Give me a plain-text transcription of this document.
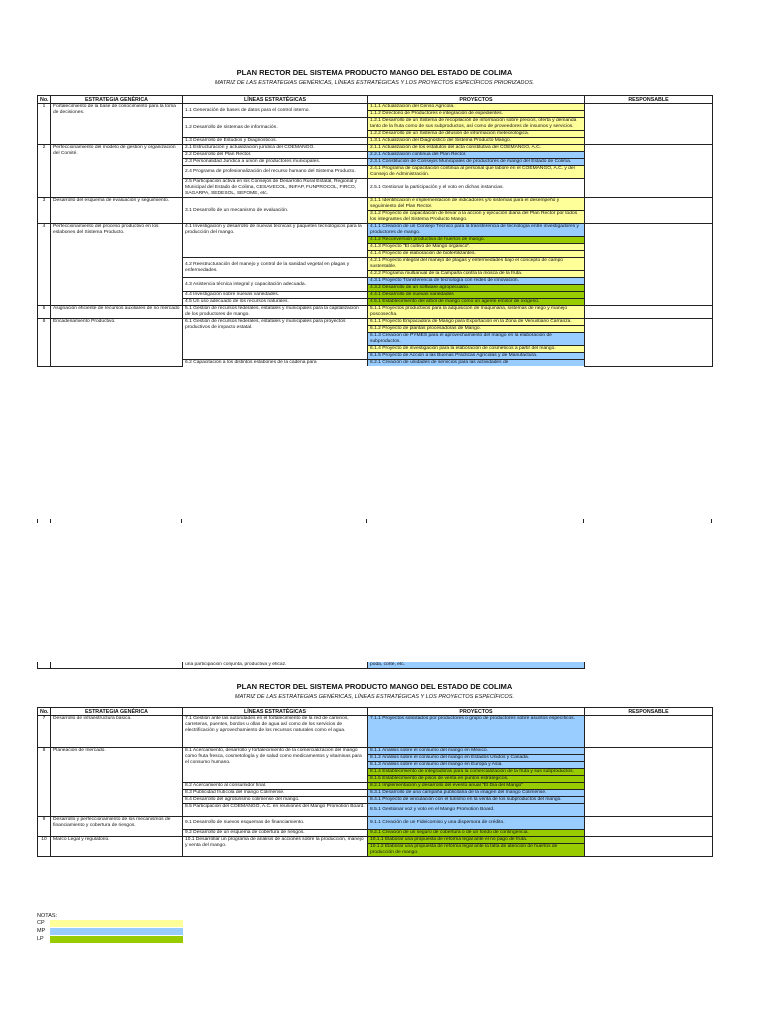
PLAN RECTOR DEL SISTEMA PRODUCTO MANGO DEL ESTADO DE COLIMA
MATRIZ DE LAS ESTRATEGIAS GENÉRICAS, LÍNEAS ESTRATÉGICAS Y LOS PROYECTOS ESPECÍFICOS PRIORIZADOS.
No.	ESTRATEGIA GENÉRICA	LÍNEAS ESTRATÉGICAS	PROYECTOS	RESPONSABLE
1	Fortalecimiento de la base de conocimiento para la toma de decisiones.	1.1 Generación de bases de datos para el control interno.	1.1.1 Actualización del Censo Agrícola.
1.1.2 Directorio de Productores e integración de expedientes.	

		1.2 Desarrollo de sistemas de información.	1.2.1 Desarrollo de un Sistema de recopilación de información sobre precios, oferta y demanda tanto de la fruta como de sus subproductos, así como de proveedores de insumos y servicios.
1.2.2 Desarrollo de un Sistema de difusión de información meteorológica.	

		1.3 Desarrollo de Estudios y Diagnósticos.	1.3.1 Actualización del Diagnóstico del Sistema Producto Mango.	

2	Perfeccionamiento del modelo de gestión y organización del Comité.	2.1 Estructuración y actualización jurídica del COEMANGO.	2.1.1 Actualización de los estatutos del acta constitutiva del COEMANGO, A.C.	

		2.2 Desarrollo del Plan Rector.	2.2.1 Actualización continua del Plan Rector.	

		2.3 Personalidad Jurídica a unión de productores municipales.	2.3.1 Constitución de Consejos Municipales de productores de mango del Estado de Colima.	

		2.4 Programa de profesionalización del recurso humano del Sistema Producto.	2.4.1 Programa de capacitación continua al personal que labore en el COEMANGO, A.C. y del Consejo de Administración.	

		2.5 Participación activa en los Consejos de Desarrollo Rural Estatal, Regional y Municipal del Estado de Colima, CESAVECOL, INIFAP, FUNPROCOL, FIRCO, SAGARPA, SEDESOL, SEFOME, etc.	2.5.1 Gestionar la participación y el voto en dichas instancias.	

3	Desarrollo del esquema de evaluación y seguimiento.	3.1 Desarrollo de un mecanismo de evaluación.	3.1.1 Identificación e implementación de indicadores y/o sistemas para el desempeño y seguimiento del Plan Rector.
3.1.2 Proyecto de capacitación de llevar a la acción y ejecución diaria del Plan Rector por todos los integrantes del Sistema Producto Mango.	

4	Perfeccionamiento del proceso productivo en los eslabones del Sistema Producto.	4.1 Investigación y desarrollo de nuevas técnicas y paquetes tecnológicos para la producción del mango.	4.1.1 Creación de un Consejo Técnico para la transferencia de tecnología entre investigadores y productores de mango.
4.1.2 Reconversión productiva de huertos de mango.
4.1.3 Proyecto "El cultivo de Mango orgánico".
4.1.4 Proyecto de elaboración de biofertilizantes.	

		4.2 Reestructuración del manejo y control de la sanidad vegetal en plagas y enfermedades.	4.2.1 Proyecto integral del manejo de plagas y enfermedades bajo el concepto de campo sustentable.
4.2.2 Programa multianual de la Campaña contra la mosca de la fruta.	

		4.3 Asistencia técnica integral y capacitación adecuada.	4.3.1 Proyecto Transferencia de tecnología con redes de innovación.
4.3.2 Desarrollo de un software agropecuario.	

		4.4 Investigación sobre nuevas variedades.	4.4.1 Desarrollo de nuevas variedades	

		4.5 Un uso adecuado de los recursos naturales.	4.5.1 Establecimiento del árbol de mango como un agente emisor de oxígeno.	

5	Asignación eficiente de recursos auxiliares de no mercado	5.1 Gestión de recursos federales, estatales y municipales para la capitalización de los productores de mango.	5.1.1 Proyectos productivos para la adquisición de maquinaria, sistemas de riego y manejo poscosecha.	

6	Encadenamiento Productivo.	6.1 Gestión de recursos federales, estatales y municipales para proyectos productivos de impacto estatal.	6.1.1 Proyecto Empacadora de Mango para Exportación en la Zona de Venustiano Carranza.
6.1.2 Proyecto de plantas procesadoras de Mango.
6.1.3 Creación de PYMES para el aprovechamiento del mango en la elaboración de subproductos.
6.1.4 Proyecto de investigación para la elaboración de cosméticos a partir del mango.
6.1.5 Proyecto de Acción a las Buenas Prácticas Agrícolas y de Manufactura.	

		6.2 Capacitación a los distintos eslabones de la cadena para	6.2.1 Creación de unidades de servicios para las actividades de	
		una participación conjunta, productiva y eficaz.	poda, corte, etc.	
PLAN RECTOR DEL SISTEMA PRODUCTO MANGO DEL ESTADO DE COLIMA
MATRIZ DE LAS ESTRATEGIAS GENÉRICAS, LÍNEAS ESTRATÉGICAS Y LOS PROYECTOS ESPECÍFICOS.
No.	ESTRATEGIA GENÉRICA	LÍNEAS ESTRATÉGICAS	PROYECTOS	RESPONSABLE
7	Desarrollo de infraestructura básica.	7.1 Gestión ante las autoridades en el fortalecimiento de la red de caminos, carreteras, puentes, bordos u ollas de agua así como de los servicios de electrificación y aprovechamiento de los recursos naturales como el agua.	7.1.1 Proyectos solicitados por productores o grupo de productores sobre asuntos específicos.	

8	Planeación de mercado.	8.1 Acercamiento, desarrollo y fortalecimiento de la comercialización del mango como fruta fresca, cosmetología y de salud como medicamentos y vitaminas para el consumo humano.	8.1.1 Análisis sobre el consumo del mango en México.
8.1.2 Análisis sobre el consumo del mango en Estados Unidos y Canadá.
8.1.3 Análisis sobre el consumo del mango en Europa y Asia.
8.1.4 Establecimiento de integradoras para la comercialización de la fruta y sus subproductos.
8.1.5 Establecimiento de pisos de venta en puntos estratégicos.	

		8.2 Acercamiento al consumidor final.	8.2.1 Implementación y desarrollo del evento anual "El Día del Mango"	

		8.3 Publicidad frutícola del mango Colimense.	8.3.1 Desarrollo de una campaña publicitaria de la imagen del mango Colimense.	

		8.4 Desarrollo del agroturismo colimense del mango.	8.4.1 Proyecto de vinculación con el turismo en la venta de los subproductos del mango.	

		8.5 Participación del COEMANGO, A.C. en reuniones del Mango Promotion Board.	8.5.1 Gestionar voz y voto en el Mango Promotion Board.	

9	Desarrollo y perfeccionamiento de los mecanismos de financiamiento y cobertura de riesgos.	9.1 Desarrollo de nuevos esquemas de financiamiento.	9.1.1 Creación de un Fideicomiso y una dispersora de crédito.	

		9.2 Desarrollo de un esquema de cobertura de riesgos.	9.2.1 Creación de un seguro de cobertura o de un fondo de contingencia.	

10	Marco Legal y regulatorio.	10.1 Desarrollar un programa de análisis de acciones sobre la producción, manejo y venta del mango.	10.1.1 Elaborar una propuesta de reforma legal ante el no pago de fruta.
10.1.2 Elaborar una propuesta de reforma legal ante la falta de atención de huertos de producción de mango.	

NOTAS:
CP
MP
LP
